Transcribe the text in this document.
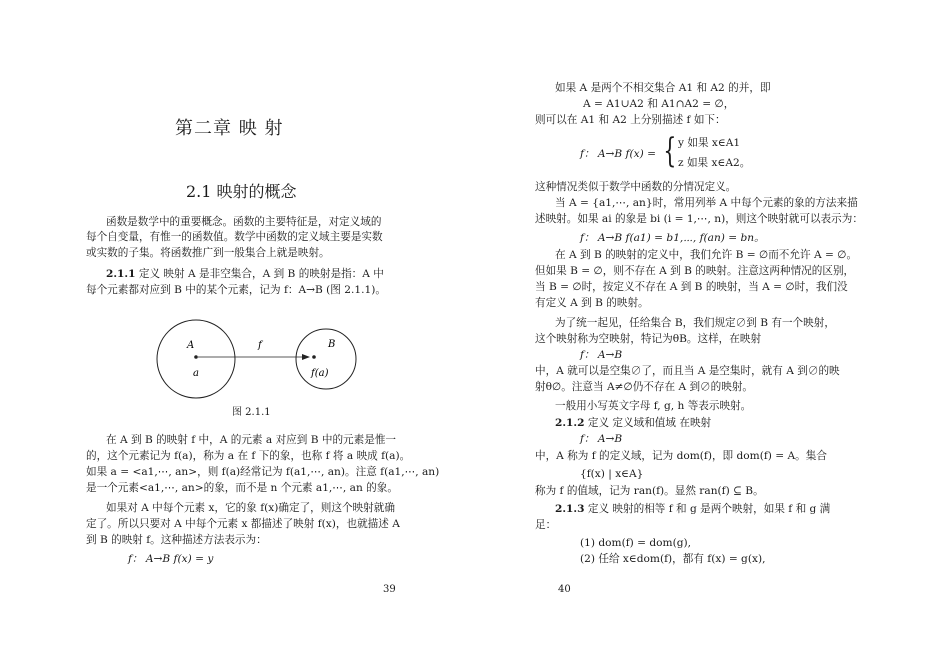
第二章 映 射
2.1 映射的概念
函数是数学中的重要概念。函数的主要特征是，对定义域的
每个自变量，有惟一的函数值。数学中函数的定义域主要是实数
或实数的子集。将函数推广到一般集合上就是映射。
2.1.1 定义 映射 A 是非空集合，A 到 B 的映射是指：A 中
每个元素都对应到 B 中的某个元素，记为 f：A→B (图 2.1.1)。
A	f	B
a	f(a)
图 2.1.1
在 A 到 B 的映射 f 中，A 的元素 a 对应到 B 中的元素是惟一
的，这个元素记为 f(a)，称为 a 在 f 下的象，也称 f 将 a 映成 f(a)。
如果 a = <a1,⋯, an>，则 f(a)经常记为 f(a1,⋯, an)。注意 f(a1,⋯, an)
是一个元素<a1,⋯, an>的象，而不是 n 个元素 a1,⋯, an 的象。
如果对 A 中每个元素 x，它的象 f(x)确定了，则这个映射就确
定了。所以只要对 A 中每个元素 x 都描述了映射 f(x)，也就描述 A
到 B 的映射 f。这种描述方法表示为：
f： A→B f(x) = y
39
如果 A 是两个不相交集合 A1 和 A2 的并，即
A = A1∪A2 和 A1∩A2 = ∅，
则可以在 A1 和 A2 上分别描述 f 如下：
f： A→B f(x) = { y 如果 x∈A1
z 如果 x∈A2。
这种情况类似于数学中函数的分情况定义。
当 A = {a1,⋯, an}时，常用列举 A 中每个元素的象的方法来描
述映射。如果 ai 的象是 bi (i = 1,⋯, n)，则这个映射就可以表示为：
f： A→B f(a1) = b1,⋯, f(an) = bn。
在 A 到 B 的映射的定义中，我们允许 B = ∅而不允许 A = ∅。
但如果 B = ∅，则不存在 A 到 B 的映射。注意这两种情况的区别，
当 B = ∅时，按定义不存在 A 到 B 的映射，当 A = ∅时，我们没
有定义 A 到 B 的映射。
为了统一起见，任给集合 B，我们规定∅到 B 有一个映射，
这个映射称为空映射，特记为θB。这样，在映射
f： A→B
中，A 就可以是空集∅了，而且当 A 是空集时，就有 A 到∅的映
射θ∅。注意当 A≠∅仍不存在 A 到∅的映射。
一般用小写英文字母 f, g, h 等表示映射。
2.1.2 定义 定义域和值域 在映射
f： A→B
中，A 称为 f 的定义域，记为 dom(f)，即 dom(f) = A。集合
{f(x) | x∈A}
称为 f 的值域，记为 ran(f)。显然 ran(f) ⊆ B。
2.1.3 定义 映射的相等 f 和 g 是两个映射，如果 f 和 g 满
足：
(1) dom(f) = dom(g),
(2) 任给 x∈dom(f)，都有 f(x) = g(x),
40
